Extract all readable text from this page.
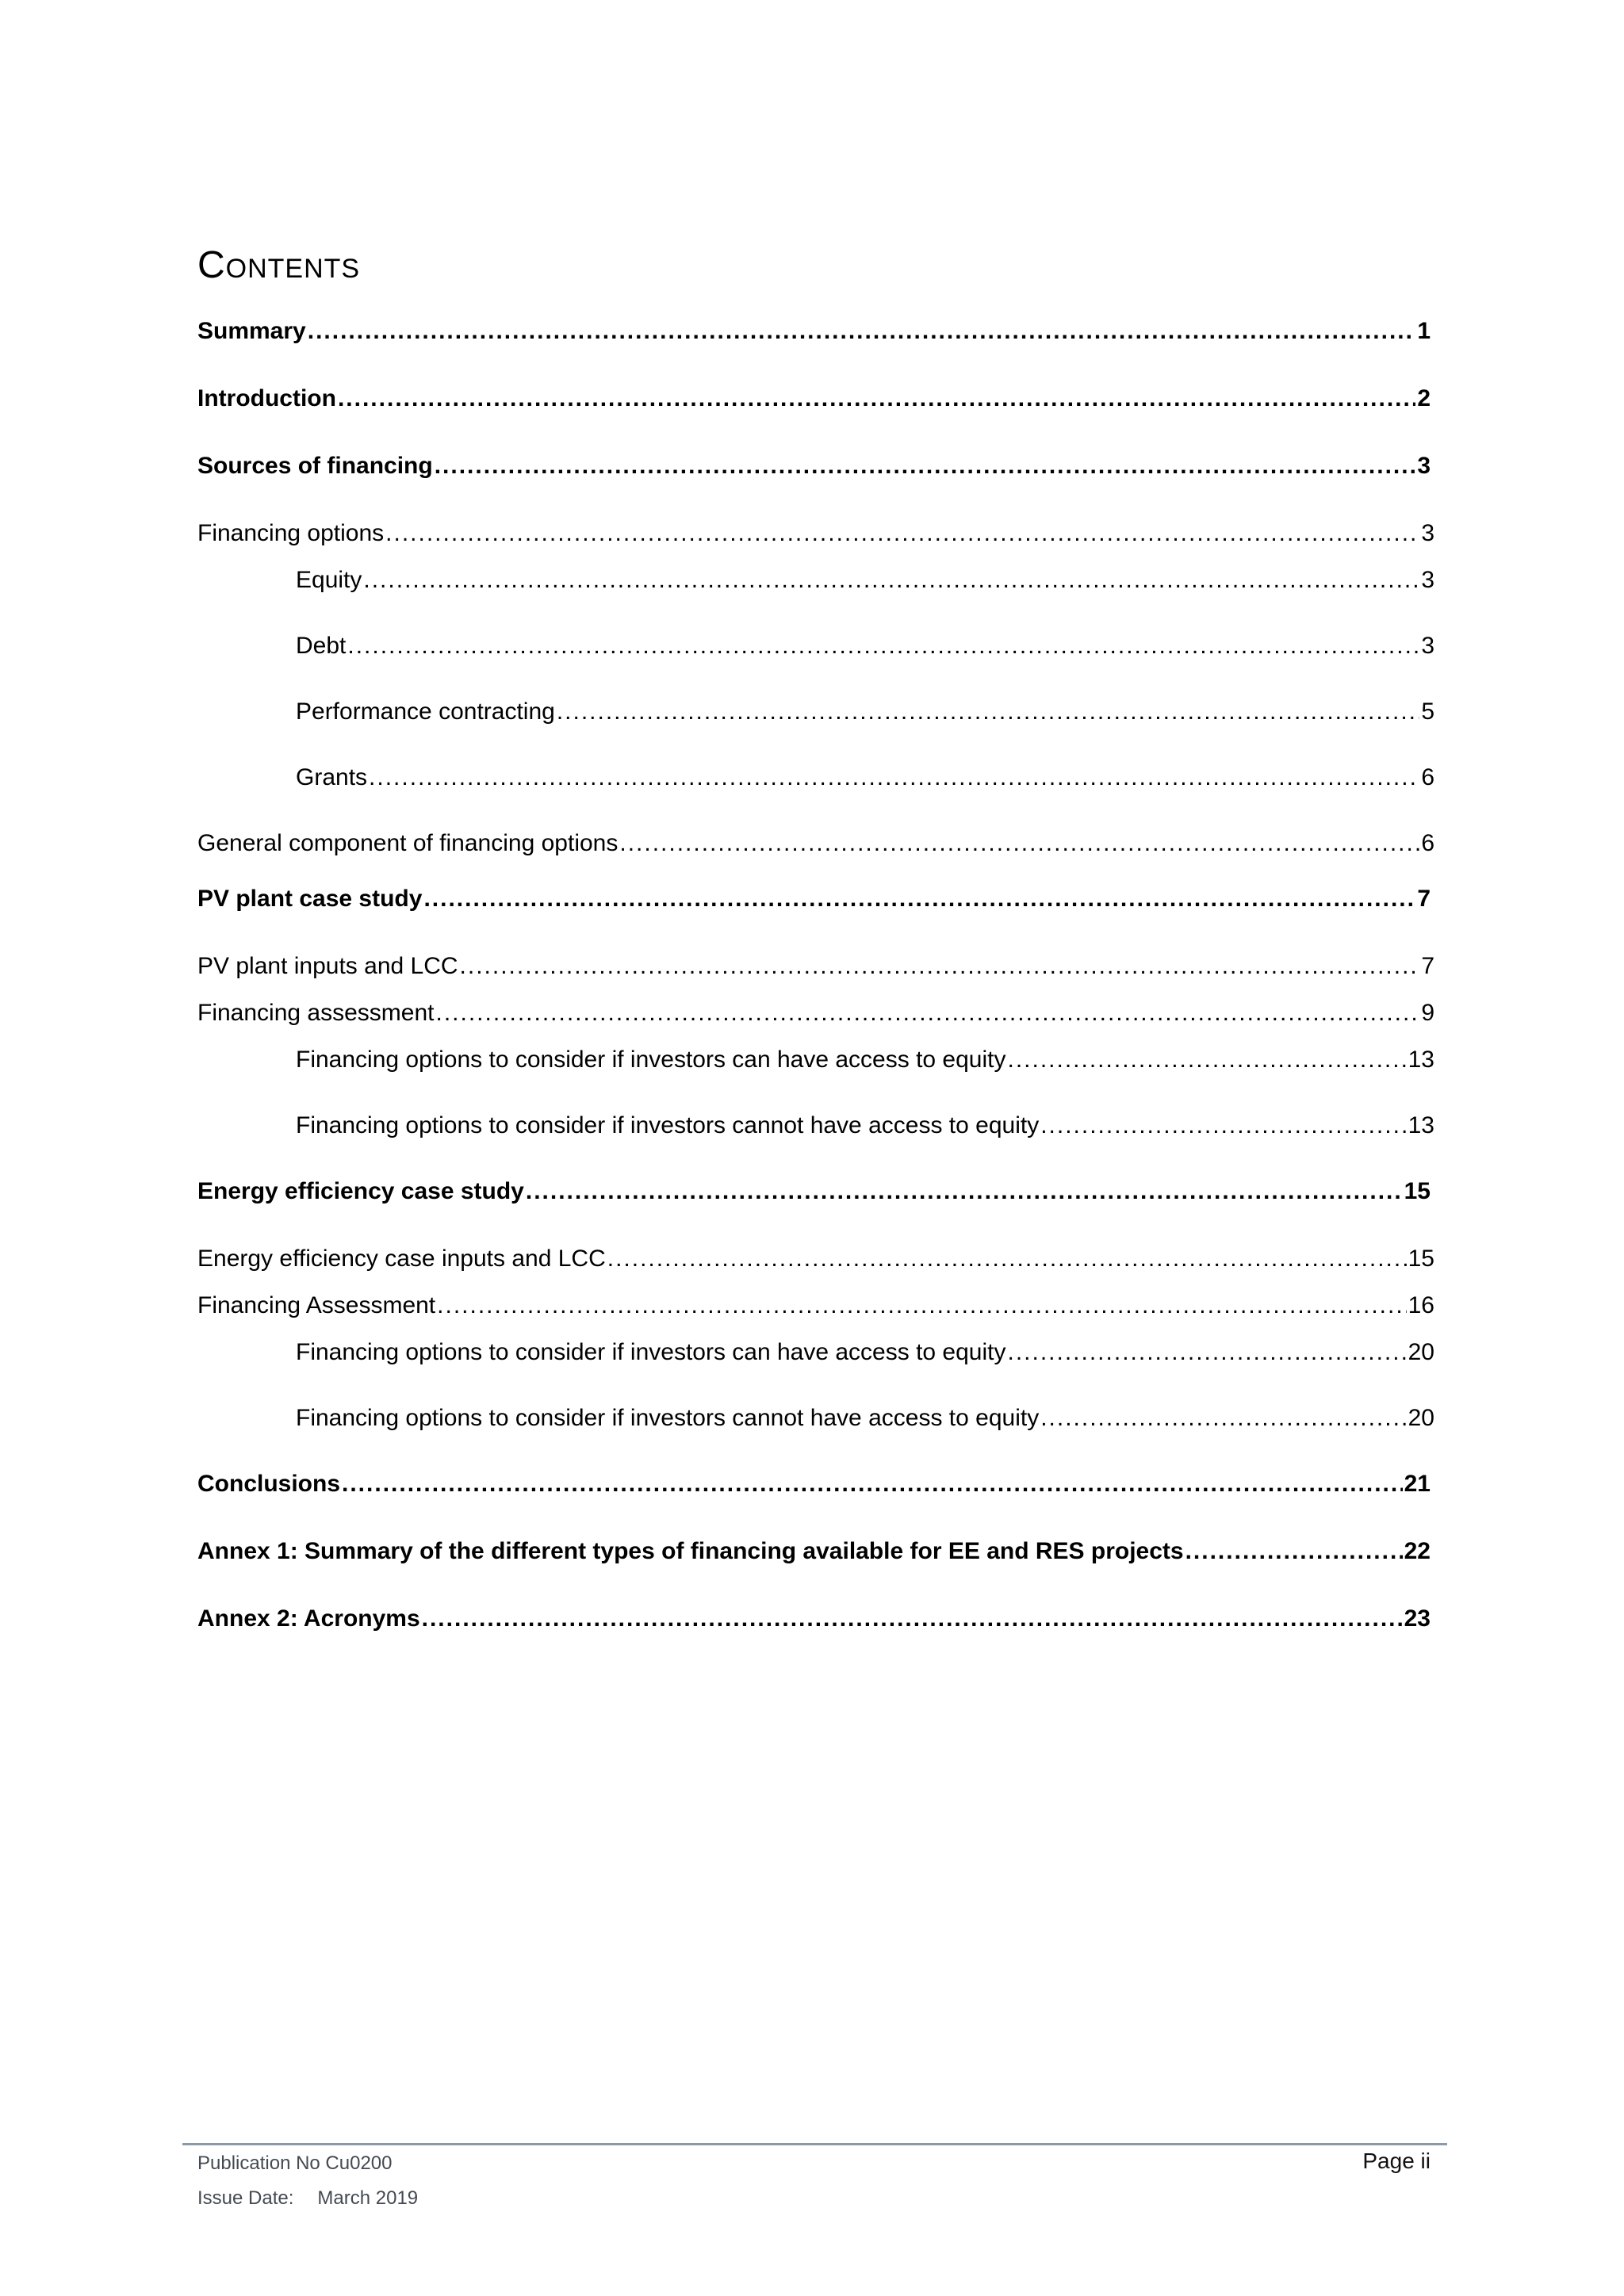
Contents
Summary .....	1
Introduction .....	2
Sources of financing .....	3
Financing options .....	3
Equity .....	3
Debt .....	3
Performance contracting .....	5
Grants .....	6
General component of financing options .....	6
PV plant case study .....	7
PV plant inputs and LCC .....	7
Financing assessment .....	9
Financing options to consider if investors can have access to equity .....	13
Financing options to consider if investors cannot have access to equity .....	13
Energy efficiency case study .....	15
Energy efficiency case inputs and LCC .....	15
Financing Assessment .....	16
Financing options to consider if investors can have access to equity .....	20
Financing options to consider if investors cannot have access to equity .....	20
Conclusions .....	21
Annex 1: Summary of the different types of financing available for EE and RES projects .....	22
Annex 2: Acronyms .....	23
Publication No Cu0200
Issue Date: March 2019
Page ii
